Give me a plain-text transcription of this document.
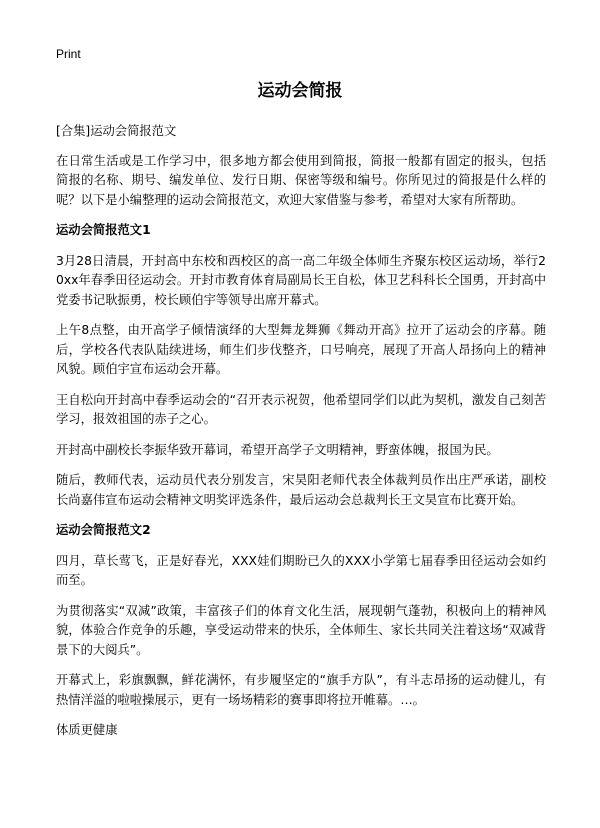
Print
运动会简报

[合集]运动会简报范文

在日常生活或是工作学习中，很多地方都会使用到简报，简报一般都有固定的报头，包括简报的名称、期号、编发单位、发行日期、保密等级和编号。你所见过的简报是什么样的呢？以下是小编整理的运动会简报范文，欢迎大家借鉴与参考，希望对大家有所帮助。

运动会简报范文1

3月28日清晨，开封高中东校和西校区的高一高二年级全体师生齐聚东校区运动场，举行20xx年春季田径运动会。开封市教育体育局副局长王自松，体卫艺科科长仝国勇，开封高中党委书记耿振勇，校长顾伯宇等领导出席开幕式。

上午8点整，由开高学子倾情演绎的大型舞龙舞狮《舞动开高》拉开了运动会的序幕。随后，学校各代表队陆续进场，师生们步伐整齐，口号响亮，展现了开高人昂扬向上的精神风貌。顾伯宇宣布运动会开幕。

王自松向开封高中春季运动会的“召开表示祝贺，他希望同学们以此为契机，激发自己刻苦学习，报效祖国的赤子之心。

开封高中副校长李振华致开幕词，希望开高学子文明精神，野蛮体魄，报国为民。

随后，教师代表，运动员代表分别发言，宋昊阳老师代表全体裁判员作出庄严承诺，副校长尚嘉伟宣布运动会精神文明奖评选条件，最后运动会总裁判长王文昊宣布比赛开始。

运动会简报范文2

四月，草长莺飞，正是好春光，XXX娃们期盼已久的XXX小学第七届春季田径运动会如约而至。

为贯彻落实“双减”政策，丰富孩子们的体育文化生活，展现朝气蓬勃，积极向上的精神风貌，体验合作竞争的乐趣，享受运动带来的快乐，全体师生、家长共同关注着这场“双减背景下的大阅兵”。

开幕式上，彩旗飘飘，鲜花满怀，有步履坚定的“旗手方队”，有斗志昂扬的运动健儿，有热情洋溢的啦啦操展示，更有一场场精彩的赛事即将拉开帷幕。…。

体质更健康
